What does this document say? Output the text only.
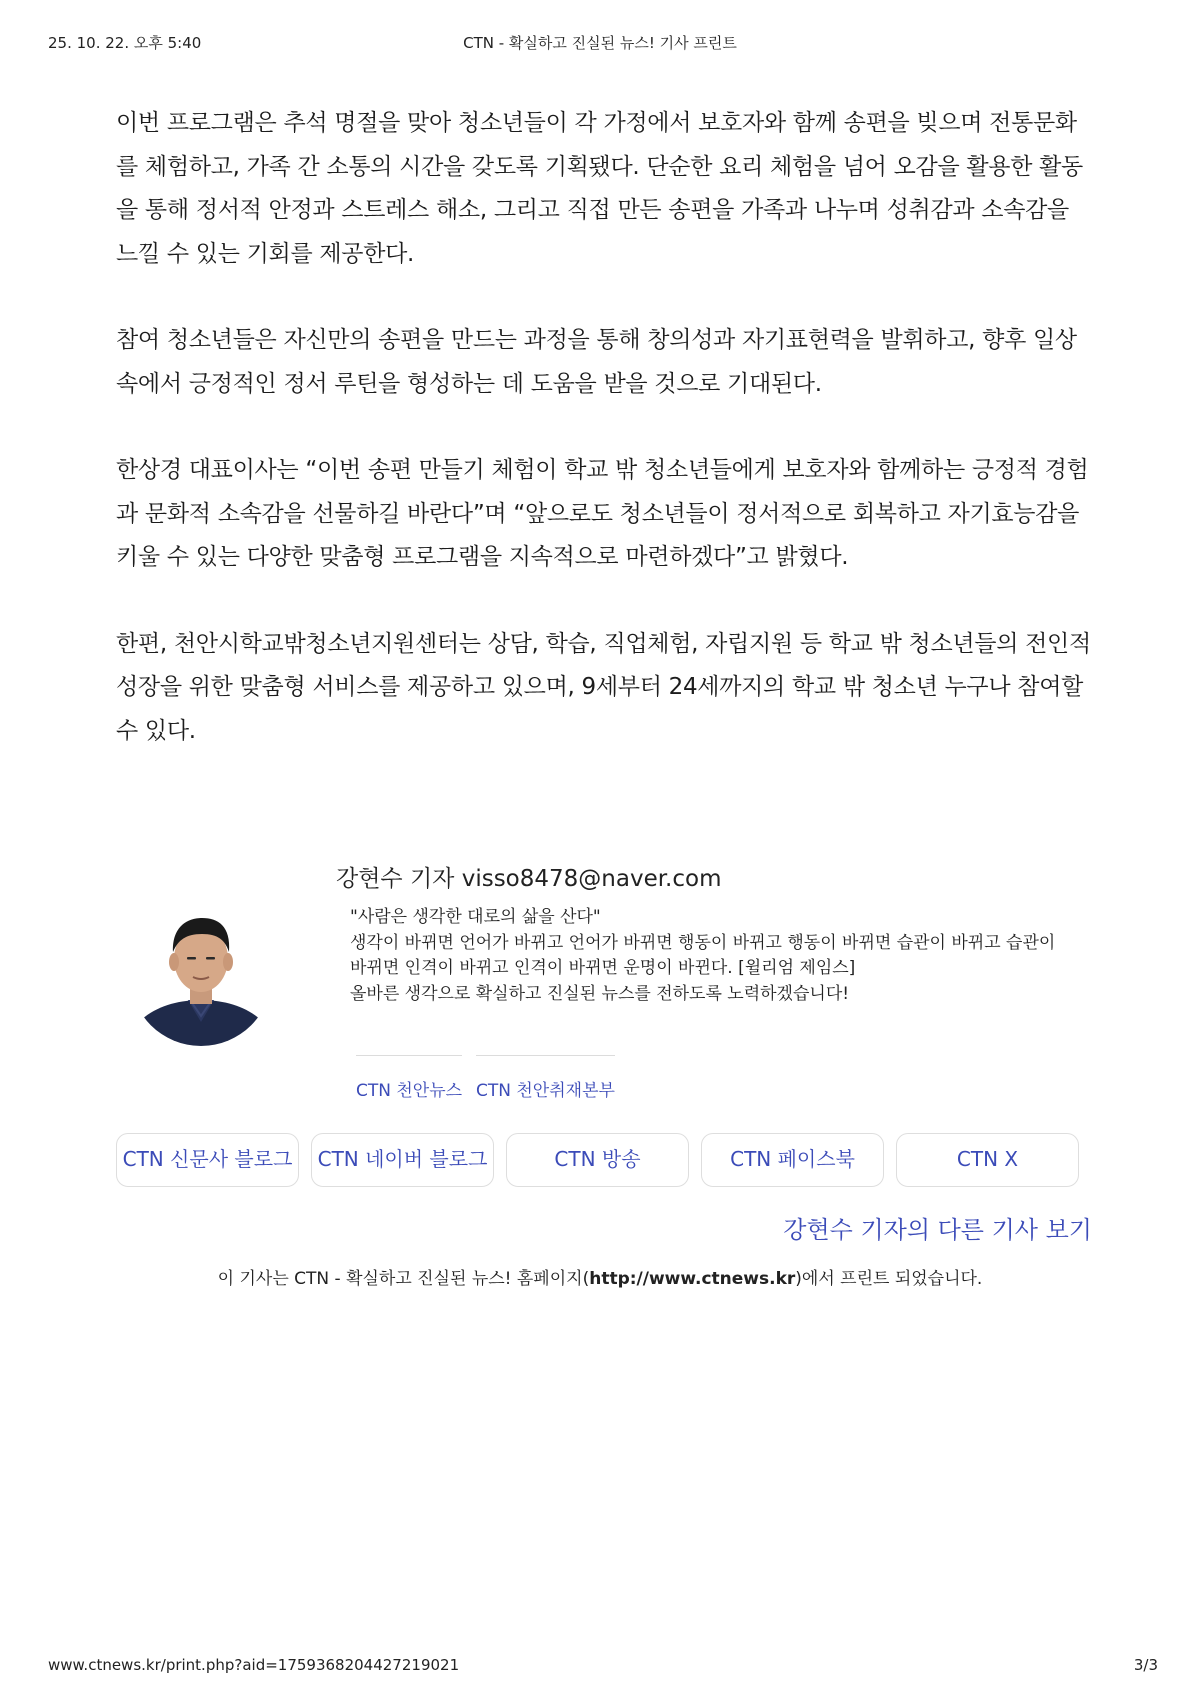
25. 10. 22. 오후 5:40	CTN - 확실하고 진실된 뉴스! 기사 프린트

이번 프로그램은 추석 명절을 맞아 청소년들이 각 가정에서 보호자와 함께 송편을 빚으며 전통문화를 체험하고, 가족 간 소통의 시간을 갖도록 기획됐다. 단순한 요리 체험을 넘어 오감을 활용한 활동을 통해 정서적 안정과 스트레스 해소, 그리고 직접 만든 송편을 가족과 나누며 성취감과 소속감을 느낄 수 있는 기회를 제공한다.

참여 청소년들은 자신만의 송편을 만드는 과정을 통해 창의성과 자기표현력을 발휘하고, 향후 일상 속에서 긍정적인 정서 루틴을 형성하는 데 도움을 받을 것으로 기대된다.

한상경 대표이사는 “이번 송편 만들기 체험이 학교 밖 청소년들에게 보호자와 함께하는 긍정적 경험과 문화적 소속감을 선물하길 바란다”며 “앞으로도 청소년들이 정서적으로 회복하고 자기효능감을 키울 수 있는 다양한 맞춤형 프로그램을 지속적으로 마련하겠다”고 밝혔다.

한편, 천안시학교밖청소년지원센터는 상담, 학습, 직업체험, 자립지원 등 학교 밖 청소년들의 전인적 성장을 위한 맞춤형 서비스를 제공하고 있으며, 9세부터 24세까지의 학교 밖 청소년 누구나 참여할 수 있다.

강현수 기자 visso8478@naver.com
"사람은 생각한 대로의 삶을 산다"
생각이 바뀌면 언어가 바뀌고 언어가 바뀌면 행동이 바뀌고 행동이 바뀌면 습관이 바뀌고 습관이
바뀌면 인격이 바뀌고 인격이 바뀌면 운명이 바뀐다. [윌리엄 제임스]
올바른 생각으로 확실하고 진실된 뉴스를 전하도록 노력하겠습니다!
CTN 천안뉴스 CTN 천안취재본부
CTN 신문사 블로그	CTN 네이버 블로그	CTN 방송	CTN 페이스북	CTN X
강현수 기자의 다른 기사 보기
이 기사는 CTN - 확실하고 진실된 뉴스! 홈페이지(http://www.ctnews.kr)에서 프린트 되었습니다.
www.ctnews.kr/print.php?aid=1759368204427219021	3/3
